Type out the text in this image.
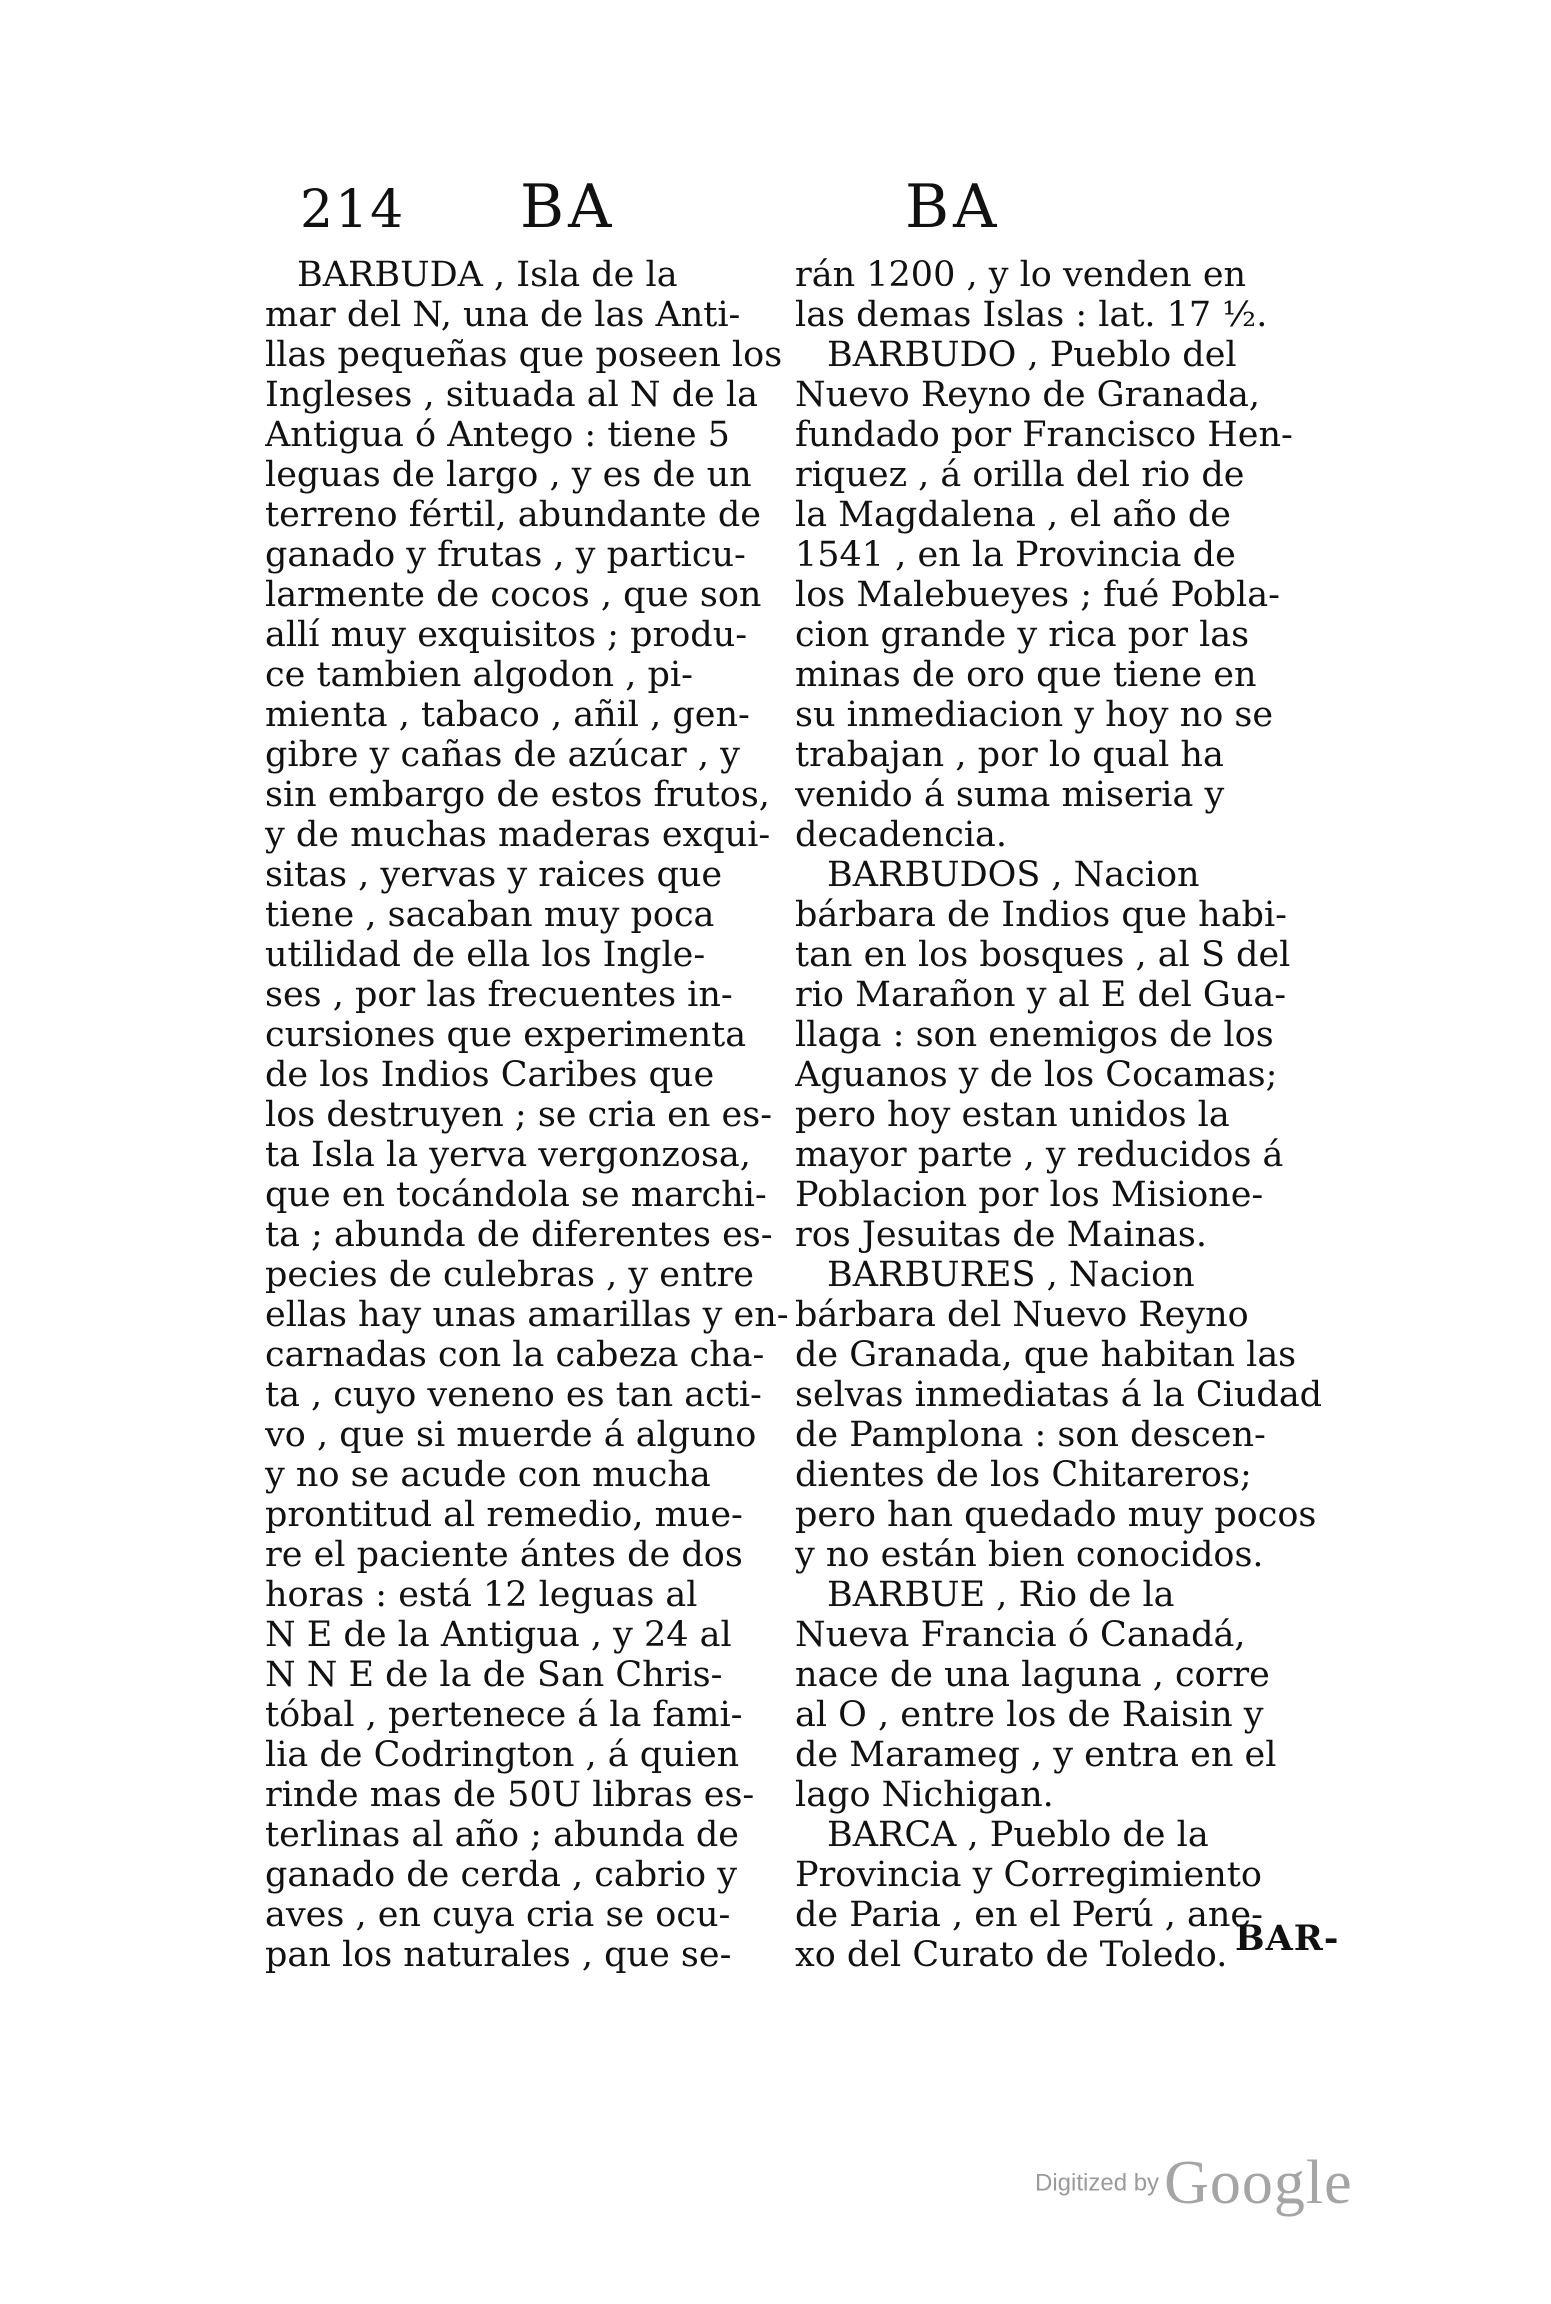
214 BA	BA
BARBUDA , Isla de la
mar del N, una de las Anti-
llas pequeñas que poseen los
Ingleses , situada al N de la
Antigua ó Antego : tiene 5
leguas de largo , y es de un
terreno fértil, abundante de
ganado y frutas , y particu-
larmente de cocos , que son
allí muy exquisitos ; produ-
ce tambien algodon , pi-
mienta , tabaco , añil , gen-
gibre y cañas de azúcar , y
sin embargo de estos frutos,
y de muchas maderas exqui-
sitas , yervas y raices que
tiene , sacaban muy poca
utilidad de ella los Ingle-
ses , por las frecuentes in-
cursiones que experimenta
de los Indios Caribes que
los destruyen ; se cria en es-
ta Isla la yerva vergonzosa,
que en tocándola se marchi-
ta ; abunda de diferentes es-
pecies de culebras , y entre
ellas hay unas amarillas y en-
carnadas con la cabeza cha-
ta , cuyo veneno es tan acti-
vo , que si muerde á alguno
y no se acude con mucha
prontitud al remedio, mue-
re el paciente ántes de dos
horas : está 12 leguas al
N E de la Antigua , y 24 al
N N E de la de San Chris-
tóbal , pertenece á la fami-
lia de Codrington , á quien
rinde mas de 50U libras es-
terlinas al año ; abunda de
ganado de cerda , cabrio y
aves , en cuya cria se ocu-
pan los naturales , que se-
rán 1200 , y lo venden en
las demas Islas : lat. 17 ½.
BARBUDO , Pueblo del
Nuevo Reyno de Granada,
fundado por Francisco Hen-
riquez , á orilla del rio de
la Magdalena , el año de
1541 , en la Provincia de
los Malebueyes ; fué Pobla-
cion grande y rica por las
minas de oro que tiene en
su inmediacion y hoy no se
trabajan , por lo qual ha
venido á suma miseria y
decadencia.
BARBUDOS , Nacion
bárbara de Indios que habi-
tan en los bosques , al S del
rio Marañon y al E del Gua-
llaga : son enemigos de los
Aguanos y de los Cocamas;
pero hoy estan unidos la
mayor parte , y reducidos á
Poblacion por los Misione-
ros Jesuitas de Mainas.
BARBURES , Nacion
bárbara del Nuevo Reyno
de Granada, que habitan las
selvas inmediatas á la Ciudad
de Pamplona : son descen-
dientes de los Chitareros;
pero han quedado muy pocos
y no están bien conocidos.
BARBUE , Rio de la
Nueva Francia ó Canadá,
nace de una laguna , corre
al O , entre los de Raisin y
de Marameg , y entra en el
lago Nichigan.
BARCA , Pueblo de la
Provincia y Corregimiento
de Paria , en el Perú , ane-
xo del Curato de Toledo. BAR-
Digitized by Google
